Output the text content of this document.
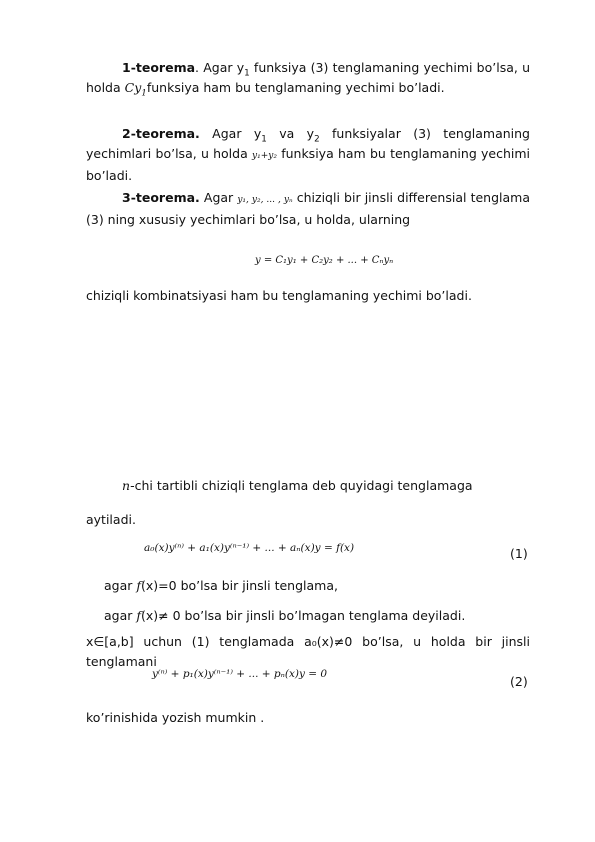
1-teorema. Agar $y_1$ funksiya (3) tenglamaning yechimi bo’lsa, u holda $Cy_1funksiya$ ham bu tenglamaning yechimi bo’ladi.
2-teorema. Agar $y_1$ va $y_2$ funksiyalar (3) tenglamaning yechimlari bo’lsa, u holda y₁+y₂ funksiya ham bu tenglamaning yechimi bo’ladi.
3-teorema. Agar y₁, y₂, ... , yₙ chiziqli bir jinsli differensial tenglama (3) ning xususiy yechimlari bo’lsa, u holda, ularning
y = C₁y₁ + C₂y₂ + ... + Cₙyₙ
chiziqli kombinatsiyasi ham bu tenglamaning yechimi bo’ladi.
n-chi tartibli chiziqli tenglama deb quyidagi tenglamaga
aytiladi.
a₀(x)y⁽ⁿ⁾ + a₁(x)y⁽ⁿ⁻¹⁾ + ... + aₙ(x)y = f(x)	(1)
agar f(x)=0 bo’lsa bir jinsli tenglama,
agar f(x)≠ 0 bo’lsa bir jinsli bo’lmagan tenglama deyiladi.
x∈[a,b] uchun (1) tenglamada a₀(x)≠0 bo’lsa, u holda bir jinsli tenglamani
y⁽ⁿ⁾ + p₁(x)y⁽ⁿ⁻¹⁾ + ... + pₙ(x)y = 0	(2)
ko’rinishida yozish mumkin .
